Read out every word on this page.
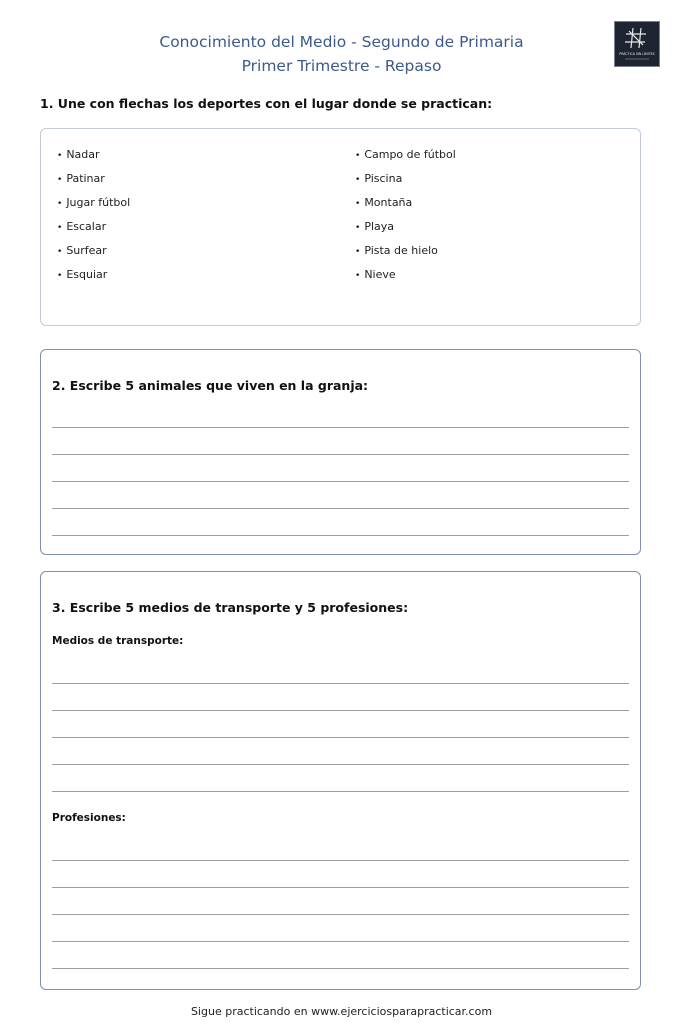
Conocimiento del Medio - Segundo de Primaria
Primer Trimestre - Repaso
PRÁCTICA SIN LÍMITES
1. Une con flechas los deportes con el lugar donde se practican:
• Nadar
• Patinar
• Jugar fútbol
• Escalar
• Surfear
• Esquiar
• Campo de fútbol
• Piscina
• Montaña
• Playa
• Pista de hielo
• Nieve
2. Escribe 5 animales que viven en la granja:
3. Escribe 5 medios de transporte y 5 profesiones:
Medios de transporte:
Profesiones:
Sigue practicando en www.ejerciciosparapracticar.com
